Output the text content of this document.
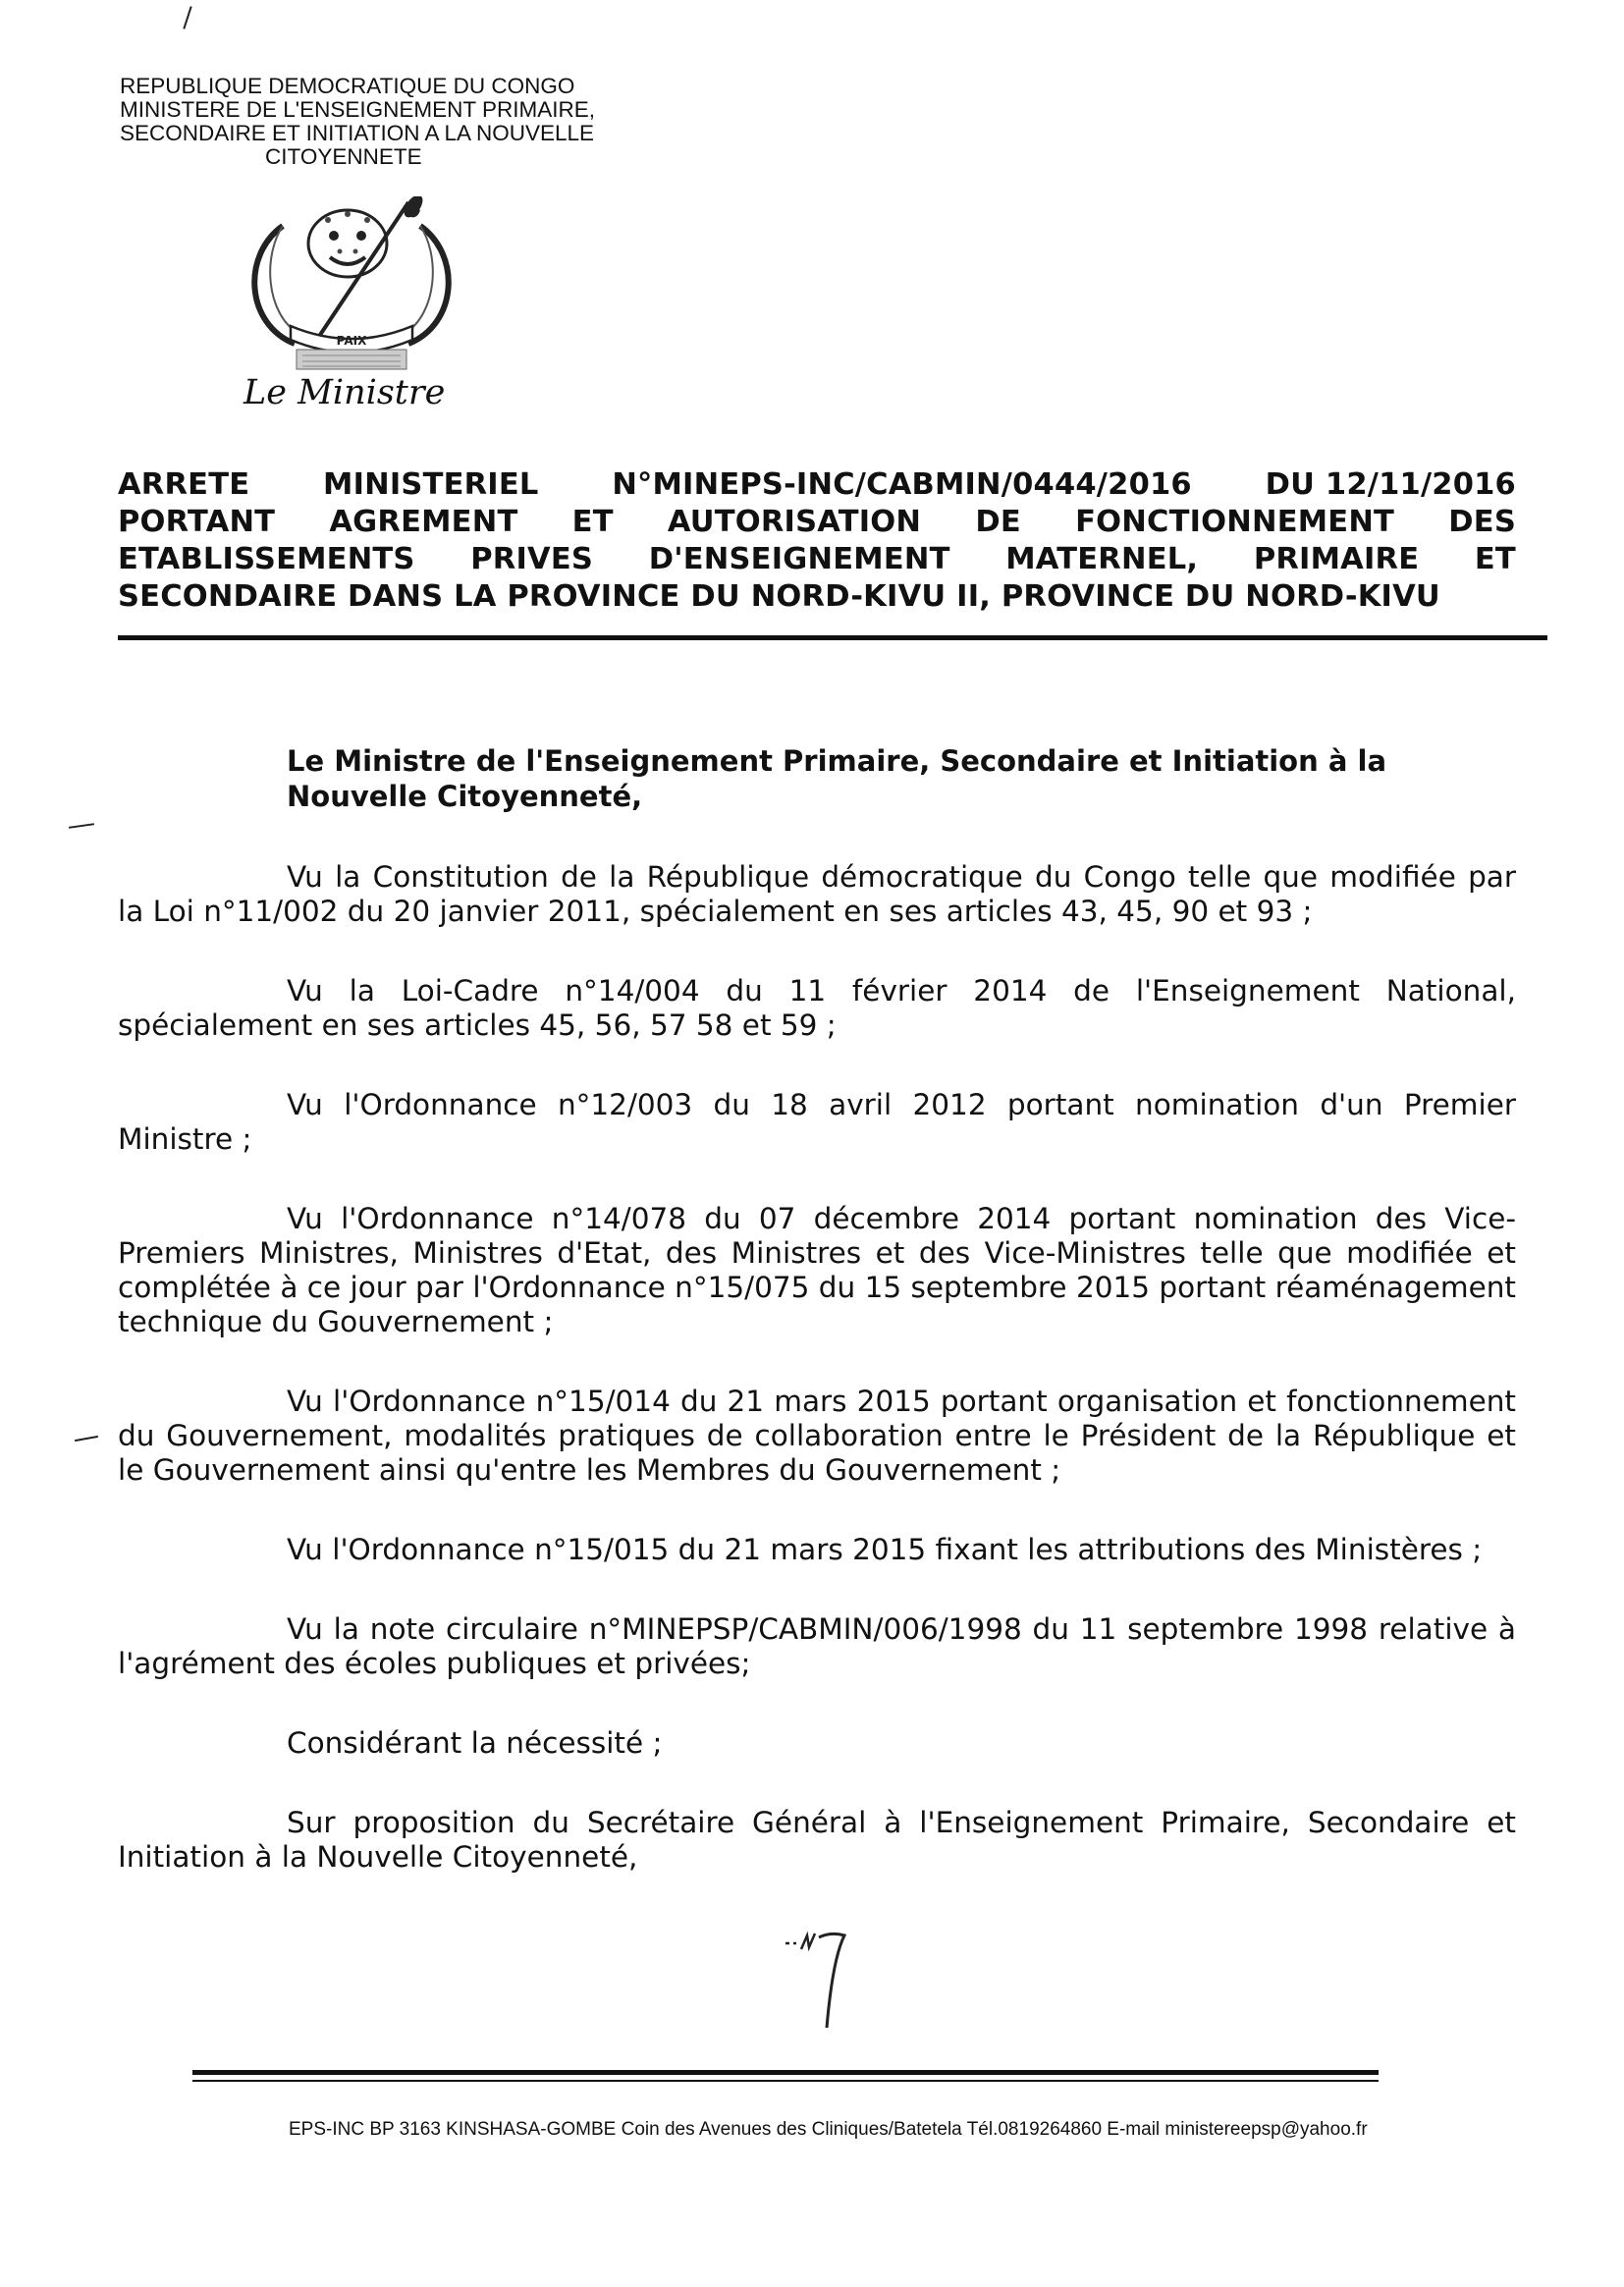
REPUBLIQUE DEMOCRATIQUE DU CONGO
MINISTERE DE L'ENSEIGNEMENT PRIMAIRE,
SECONDAIRE ET INITIATION A LA NOUVELLE
CITOYENNETE
PAIX
Le Ministre
ARRETE MINISTERIEL N°MINEPS-INC/CABMIN/0444/2016 DU 12/11/2016
PORTANT AGREMENT ET AUTORISATION DE FONCTIONNEMENT DES
ETABLISSEMENTS PRIVES D'ENSEIGNEMENT MATERNEL, PRIMAIRE ET
SECONDAIRE DANS LA PROVINCE DU NORD-KIVU II, PROVINCE DU NORD-KIVU
Le Ministre de l'Enseignement Primaire, Secondaire et Initiation à la Nouvelle Citoyenneté,

Vu la Constitution de la République démocratique du Congo telle que modifiée par la Loi n°11/002 du 20 janvier 2011, spécialement en ses articles 43, 45, 90 et 93 ;

Vu la Loi-Cadre n°14/004 du 11 février 2014 de l'Enseignement National, spécialement en ses articles 45, 56, 57 58 et 59 ;

Vu l'Ordonnance n°12/003 du 18 avril 2012 portant nomination d'un Premier Ministre ;

Vu l'Ordonnance n°14/078 du 07 décembre 2014 portant nomination des Vice-Premiers Ministres, Ministres d'Etat, des Ministres et des Vice-Ministres telle que modifiée et complétée à ce jour par l'Ordonnance n°15/075 du 15 septembre 2015 portant réaménagement technique du Gouvernement ;

Vu l'Ordonnance n°15/014 du 21 mars 2015 portant organisation et fonctionnement du Gouvernement, modalités pratiques de collaboration entre le Président de la République et le Gouvernement ainsi qu'entre les Membres du Gouvernement ;

Vu l'Ordonnance n°15/015 du 21 mars 2015 fixant les attributions des Ministères ;

Vu la note circulaire n°MINEPSP/CABMIN/006/1998 du 11 septembre 1998 relative à l'agrément des écoles publiques et privées;

Considérant la nécessité ;

Sur proposition du Secrétaire Général à l'Enseignement Primaire, Secondaire et Initiation à la Nouvelle Citoyenneté,

EPS-INC BP 3163 KINSHASA-GOMBE Coin des Avenues des Cliniques/Batetela Tél.0819264860 E-mail ministereepsp@yahoo.fr
